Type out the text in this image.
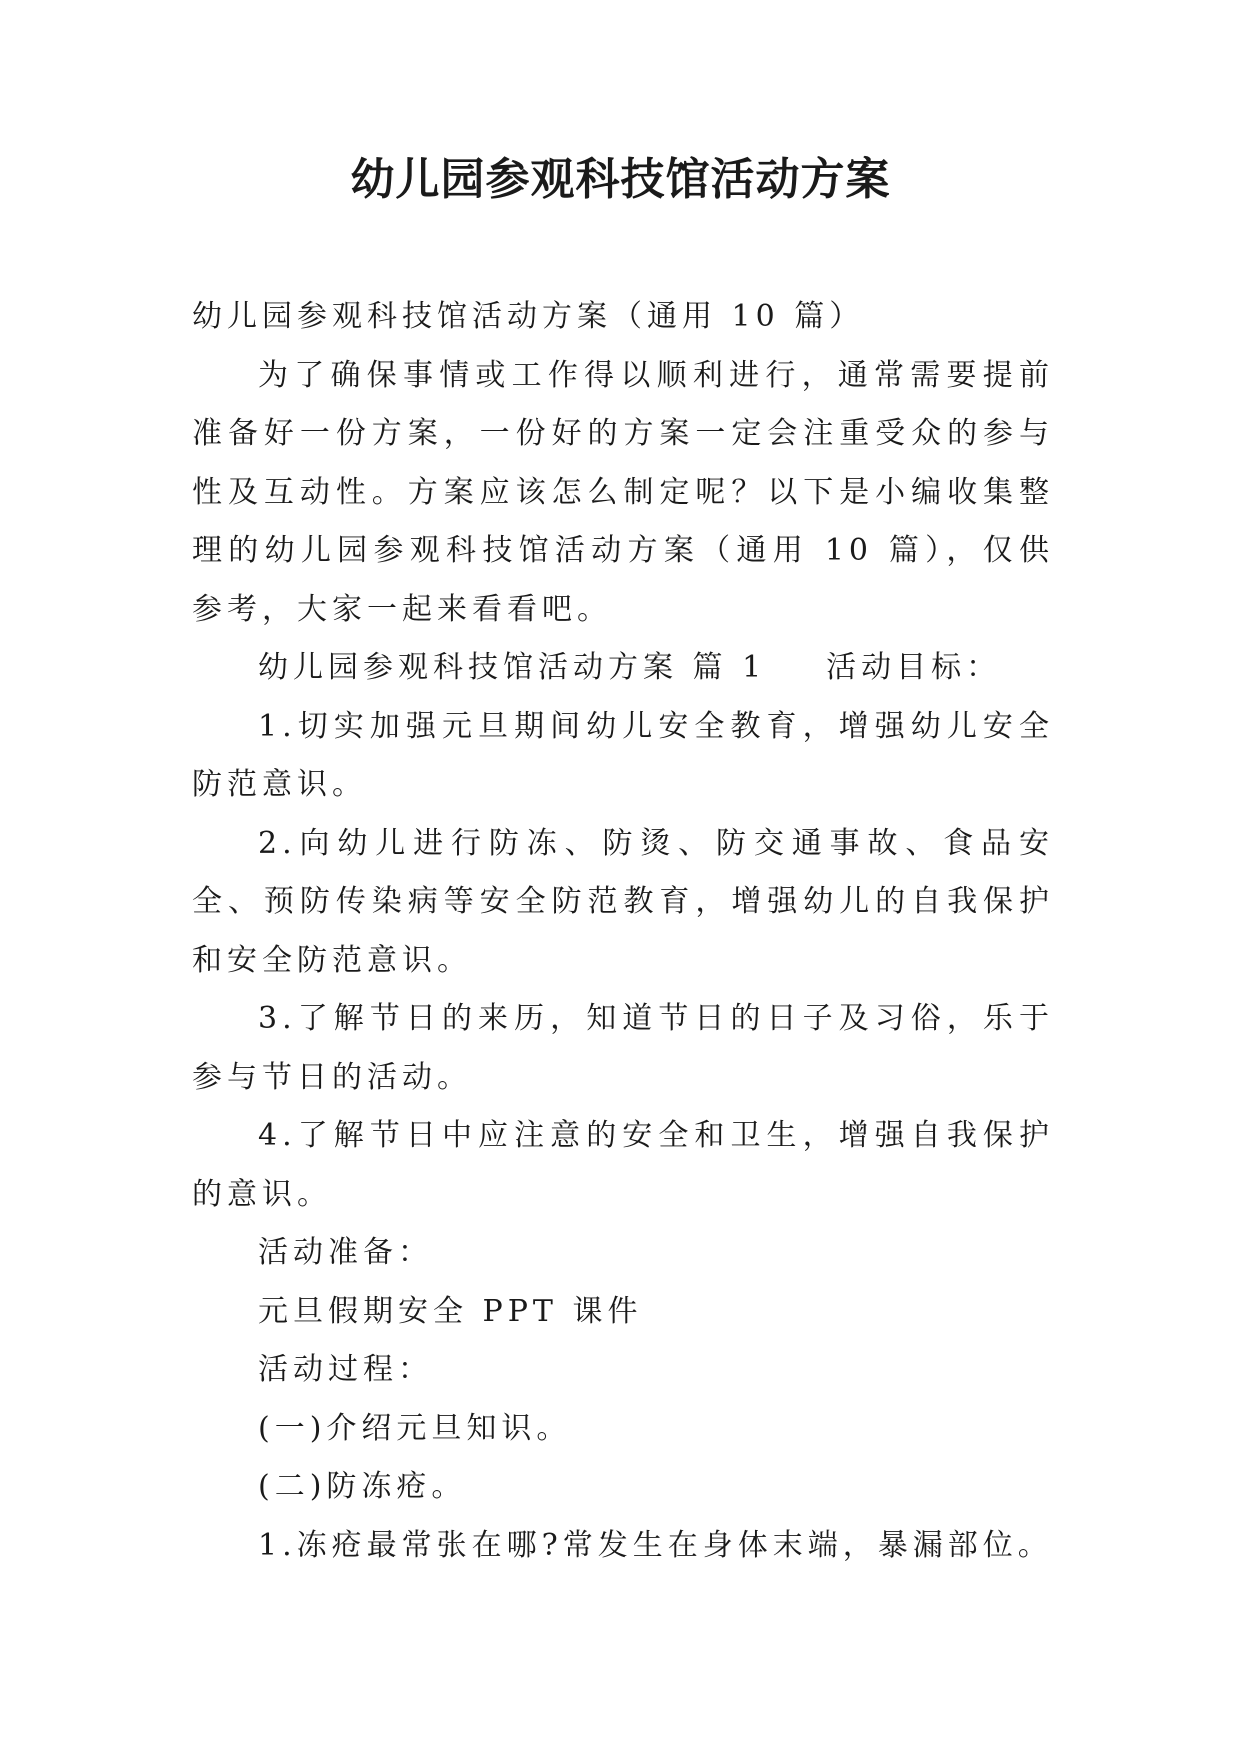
幼儿园参观科技馆活动方案

幼儿园参观科技馆活动方案（通用 10 篇）

为了确保事情或工作得以顺利进行，通常需要提前准备好一份方案，一份好的方案一定会注重受众的参与性及互动性。方案应该怎么制定呢？以下是小编收集整理的幼儿园参观科技馆活动方案（通用 10 篇），仅供参考，大家一起来看看吧。

幼儿园参观科技馆活动方案 篇 1 活动目标：

1.切实加强元旦期间幼儿安全教育，增强幼儿安全防范意识。

2.向幼儿进行防冻、防烫、防交通事故、食品安全、预防传染病等安全防范教育，增强幼儿的自我保护和安全防范意识。

3.了解节日的来历，知道节日的日子及习俗，乐于参与节日的活动。

4.了解节日中应注意的安全和卫生，增强自我保护的意识。

活动准备：

元旦假期安全 PPT 课件

活动过程：

(一)介绍元旦知识。

(二)防冻疮。

1.冻疮最常张在哪?常发生在身体末端，暴漏部位。
